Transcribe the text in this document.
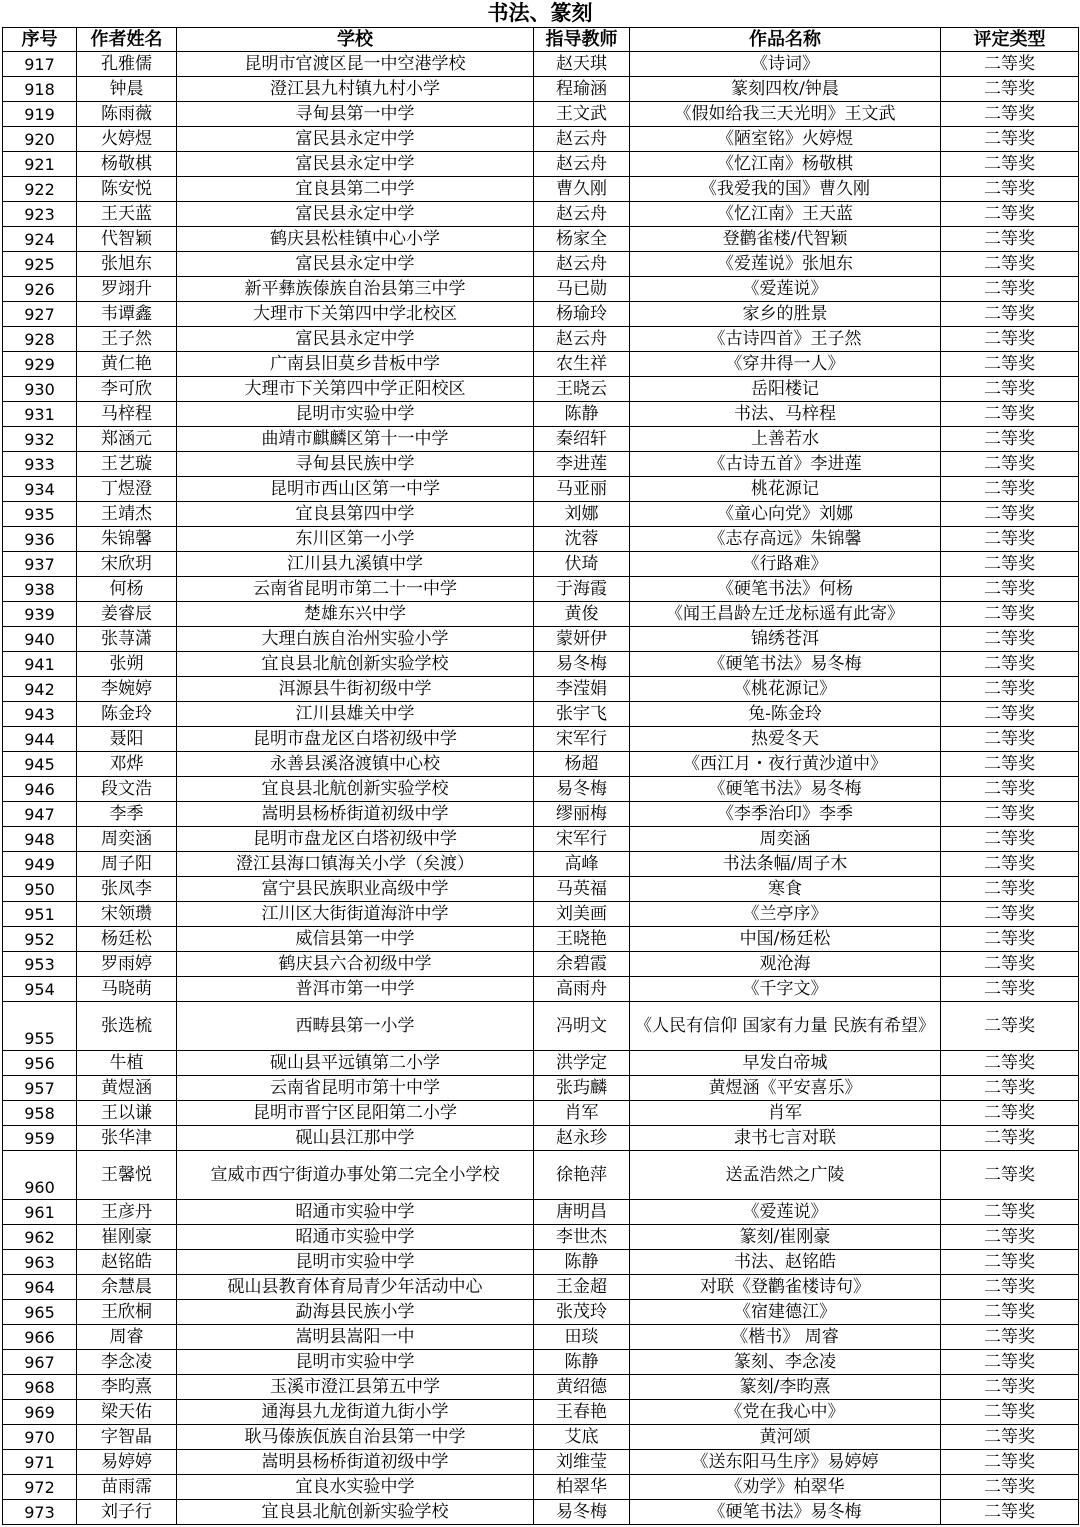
书法、篆刻
序号	作者姓名	学校	指导教师	作品名称	评定类型
917	孔雅儒	昆明市官渡区昆一中空港学校	赵天琪	《诗词》	二等奖
918	钟晨	澄江县九村镇九村小学	程瑜涵	篆刻四枚/钟晨	二等奖
919	陈雨薇	寻甸县第一中学	王文武	《假如给我三天光明》王文武	二等奖
920	火婷煜	富民县永定中学	赵云舟	《陋室铭》火婷煜	二等奖
921	杨敬棋	富民县永定中学	赵云舟	《忆江南》杨敬棋	二等奖
922	陈安悦	宜良县第二中学	曹久刚	《我爱我的国》曹久刚	二等奖
923	王天蓝	富民县永定中学	赵云舟	《忆江南》王天蓝	二等奖
924	代智颖	鹤庆县松桂镇中心小学	杨家全	登鹳雀楼/代智颖	二等奖
925	张旭东	富民县永定中学	赵云舟	《爱莲说》张旭东	二等奖
926	罗翊升	新平彝族傣族自治县第三中学	马已勋	《爱莲说》	二等奖
927	韦谭鑫	大理市下关第四中学北校区	杨瑜玲	家乡的胜景	二等奖
928	王子然	富民县永定中学	赵云舟	《古诗四首》王子然	二等奖
929	黄仁艳	广南县旧莫乡昔板中学	农生祥	《穿井得一人》	二等奖
930	李可欣	大理市下关第四中学正阳校区	王晓云	岳阳楼记	二等奖
931	马梓程	昆明市实验中学	陈静	书法、马梓程	二等奖
932	郑涵元	曲靖市麒麟区第十一中学	秦绍轩	上善若水	二等奖
933	王艺璇	寻甸县民族中学	李进莲	《古诗五首》李进莲	二等奖
934	丁煜澄	昆明市西山区第一中学	马亚丽	桃花源记	二等奖
935	王靖杰	宜良县第四中学	刘娜	《童心向党》刘娜	二等奖
936	朱锦馨	东川区第一小学	沈蓉	《志存高远》朱锦馨	二等奖
937	宋欣玥	江川县九溪镇中学	伏琦	《行路难》	二等奖
938	何杨	云南省昆明市第二十一中学	于海霞	《硬笔书法》何杨	二等奖
939	姜睿辰	楚雄东兴中学	黄俊	《闻王昌龄左迁龙标遥有此寄》	二等奖
940	张荨潇	大理白族自治州实验小学	蒙妍伊	锦绣苍洱	二等奖
941	张朔	宜良县北航创新实验学校	易冬梅	《硬笔书法》易冬梅	二等奖
942	李婉婷	洱源县牛街初级中学	李滢娟	《桃花源记》	二等奖
943	陈金玲	江川县雄关中学	张宇飞	兔-陈金玲	二等奖
944	聂阳	昆明市盘龙区白塔初级中学	宋军行	热爱冬天	二等奖
945	邓烨	永善县溪洛渡镇中心校	杨超	《西江月・夜行黄沙道中》	二等奖
946	段文浩	宜良县北航创新实验学校	易冬梅	《硬笔书法》易冬梅	二等奖
947	李季	嵩明县杨桥街道初级中学	缪丽梅	《李季治印》李季	二等奖
948	周奕涵	昆明市盘龙区白塔初级中学	宋军行	周奕涵	二等奖
949	周子阳	澄江县海口镇海关小学（矣渡）	高峰	书法条幅/周子木	二等奖
950	张凤李	富宁县民族职业高级中学	马英福	寒食	二等奖
951	宋领瓒	江川区大街街道海浒中学	刘美画	《兰亭序》	二等奖
952	杨廷松	威信县第一中学	王晓艳	中国/杨廷松	二等奖
953	罗雨婷	鹤庆县六合初级中学	余碧霞	观沧海	二等奖
954	马晓萌	普洱市第一中学	高雨舟	《千字文》	二等奖
955	张选梳	西畴县第一小学	冯明文	《人民有信仰 国家有力量 民族有希望》	二等奖
956	牛植	砚山县平远镇第二小学	洪学定	早发白帝城	二等奖
957	黄煜涵	云南省昆明市第十中学	张玙麟	黄煜涵《平安喜乐》	二等奖
958	王以谦	昆明市晋宁区昆阳第二小学	肖军	肖军	二等奖
959	张华津	砚山县江那中学	赵永珍	隶书七言对联	二等奖
960	王馨悦	宣威市西宁街道办事处第二完全小学校	徐艳萍	送孟浩然之广陵	二等奖
961	王彦丹	昭通市实验中学	唐明昌	《爱莲说》	二等奖
962	崔刚豪	昭通市实验中学	李世杰	篆刻/崔刚豪	二等奖
963	赵铭皓	昆明市实验中学	陈静	书法、赵铭皓	二等奖
964	余慧晨	砚山县教育体育局青少年活动中心	王金超	对联《登鹳雀楼诗句》	二等奖
965	王欣桐	勐海县民族小学	张茂玲	《宿建德江》	二等奖
966	周睿	嵩明县嵩阳一中	田琰	《楷书》 周睿	二等奖
967	李念凌	昆明市实验中学	陈静	篆刻、李念凌	二等奖
968	李昀熹	玉溪市澄江县第五中学	黄绍德	篆刻/李昀熹	二等奖
969	梁天佑	通海县九龙街道九街小学	王春艳	《党在我心中》	二等奖
970	字智晶	耿马傣族佤族自治县第一中学	艾底	黄河颂	二等奖
971	易婷婷	嵩明县杨桥街道初级中学	刘维莹	《送东阳马生序》易婷婷	二等奖
972	苗雨霈	宜良水实验中学	柏翠华	《劝学》柏翠华	二等奖
973	刘子行	宜良县北航创新实验学校	易冬梅	《硬笔书法》易冬梅	二等奖
